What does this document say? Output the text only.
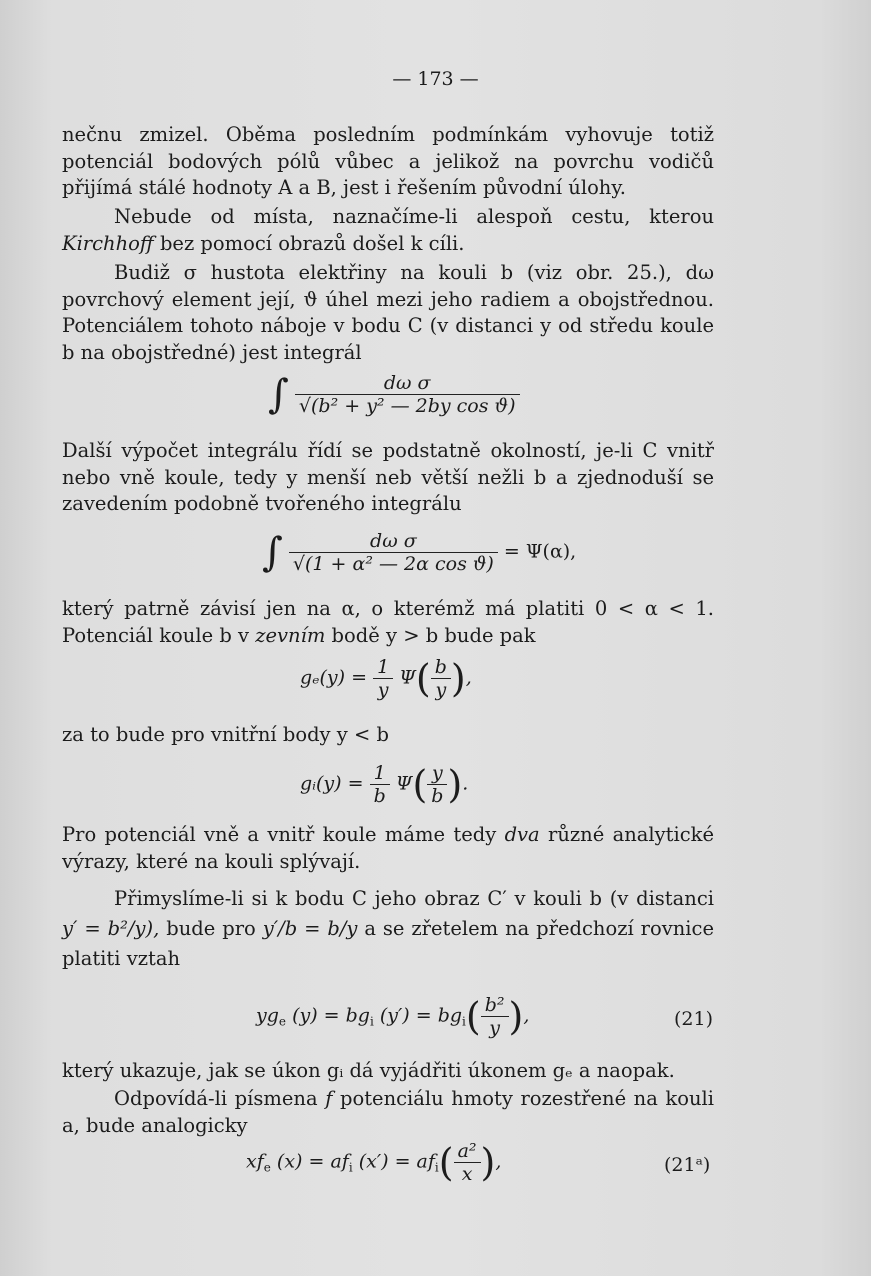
— 173 —
nečnu zmizel. Oběma posledním podmínkám vyhovuje totiž potenciál bodových pólů vůbec a jelikož na povrchu vodičů přijímá stálé hodnoty A a B, jest i řešením původní úlohy.
Nebude od místa, naznačíme-li alespoň cestu, kterou Kirchhoff bez pomocí obrazů došel k cíli.
Budiž σ hustota elektřiny na kouli b (viz obr. 25.), dω povrchový element její, ϑ úhel mezi jeho radiem a obojstřednou. Potenciálem tohoto náboje v bodu C (v distanci y od středu koule b na obojstředné) jest integrál
∫ $\frac{\text{dω σ}}{\text{√(b² + y² — 2by cos ϑ)}}$
Další výpočet integrálu řídí se podstatně okolností, je-li C vnitř nebo vně koule, tedy y menší neb větší nežli b a zjednoduší se zavedením podobně tvořeného integrálu
∫ $\frac{\text{dω σ}}{\text{√(1 + α² — 2α cos ϑ)}} = \Psi(\alpha)$,
který patrně závisí jen na α, o kterémž má platiti 0 < α < 1. Potenciál koule b v zevním bodě y > b bude pak
$g_e(y) = \frac{1}{y} \Psi( \frac{b}{y}$ ),
za to bude pro vnitřní body y < b
gᵢ(y) = $\frac{1}{b} \Psi( \frac{y}{b}$ ).
Pro potenciál vně a vnitř koule máme tedy dva různé analytické výrazy, které na kouli splývají.
Přimyslíme-li si k bodu C jeho obraz C′ v kouli b (v distanci y′ = b²/y), bude pro y′/b = b/y a se zřetelem na předchozí rovnice platiti vztah
$yg_e$ $(y) = bg_i$ $(y') = bg_i( \frac{\text{b²}}{y}$ ),	(21)
který ukazuje, jak se úkon gᵢ dá vyjádřiti úkonem gₑ a naopak.
Odpovídá-li písmena f potenciálu hmoty rozestřené na kouli a, bude analogicky
$xf_e$ $(x) = af_i$ $(x') = af_i( \frac{\text{a²}}{x}$ ),	(21ᵃ)
